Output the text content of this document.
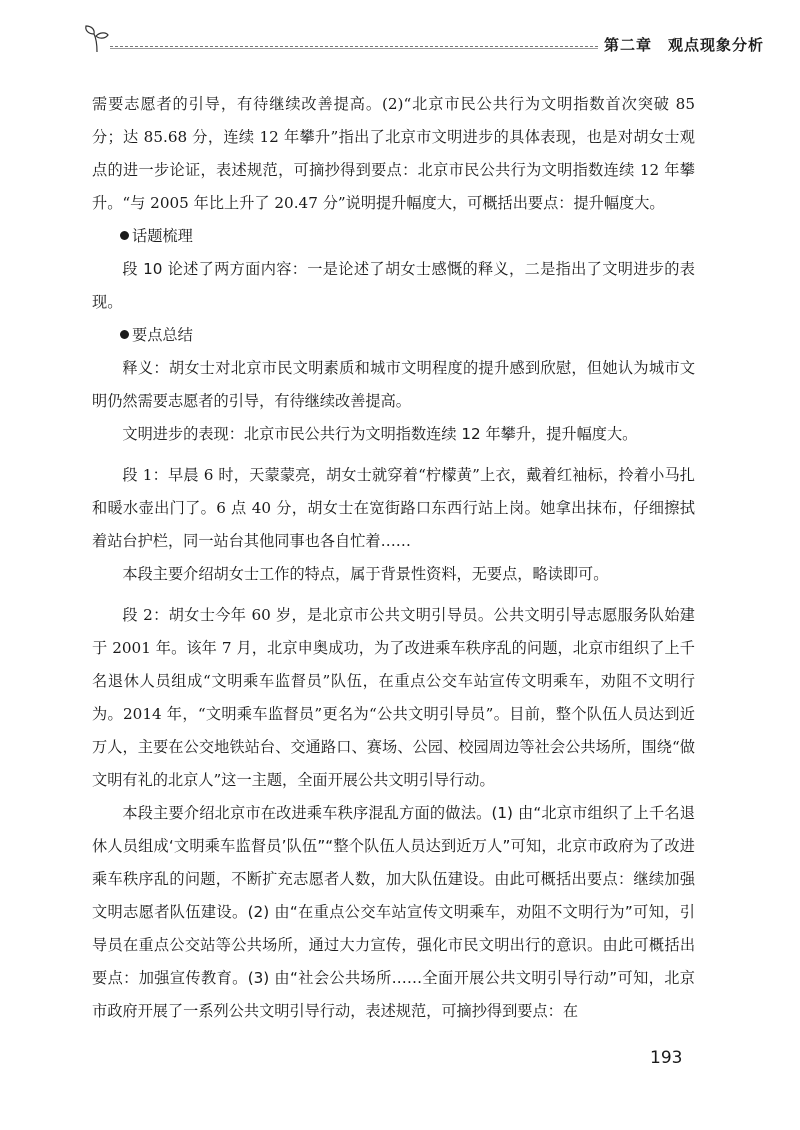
第二章　观点现象分析

需要志愿者的引导，有待继续改善提高。(2)“北京市民公共行为文明指数首次突破 85 分；达 85.68 分，连续 12 年攀升”指出了北京市文明进步的具体表现，也是对胡女士观点的进一步论证，表述规范，可摘抄得到要点：北京市民公共行为文明指数连续 12 年攀升。“与 2005 年比上升了 20.47 分”说明提升幅度大，可概括出要点：提升幅度大。

话题梳理

段 10 论述了两方面内容：一是论述了胡女士感慨的释义，二是指出了文明进步的表现。

要点总结

释义：胡女士对北京市民文明素质和城市文明程度的提升感到欣慰，但她认为城市文明仍然需要志愿者的引导，有待继续改善提高。

文明进步的表现：北京市民公共行为文明指数连续 12 年攀升，提升幅度大。

段 1：早晨 6 时，天蒙蒙亮，胡女士就穿着“柠檬黄”上衣，戴着红袖标，拎着小马扎和暖水壶出门了。6 点 40 分，胡女士在宽街路口东西行站上岗。她拿出抹布，仔细擦拭着站台护栏，同一站台其他同事也各自忙着……

本段主要介绍胡女士工作的特点，属于背景性资料，无要点，略读即可。

段 2：胡女士今年 60 岁，是北京市公共文明引导员。公共文明引导志愿服务队始建于 2001 年。该年 7 月，北京申奥成功，为了改进乘车秩序乱的问题，北京市组织了上千名退休人员组成“文明乘车监督员”队伍，在重点公交车站宣传文明乘车，劝阻不文明行为。2014 年，“文明乘车监督员”更名为“公共文明引导员”。目前，整个队伍人员达到近万人，主要在公交地铁站台、交通路口、赛场、公园、校园周边等社会公共场所，围绕“做文明有礼的北京人”这一主题，全面开展公共文明引导行动。

本段主要介绍北京市在改进乘车秩序混乱方面的做法。(1) 由“北京市组织了上千名退休人员组成‘文明乘车监督员’队伍”“整个队伍人员达到近万人”可知，北京市政府为了改进乘车秩序乱的问题，不断扩充志愿者人数，加大队伍建设。由此可概括出要点：继续加强文明志愿者队伍建设。(2) 由“在重点公交车站宣传文明乘车，劝阻不文明行为”可知，引导员在重点公交站等公共场所，通过大力宣传，强化市民文明出行的意识。由此可概括出要点：加强宣传教育。(3) 由“社会公共场所……全面开展公共文明引导行动”可知，北京市政府开展了一系列公共文明引导行动，表述规范，可摘抄得到要点：在

193
